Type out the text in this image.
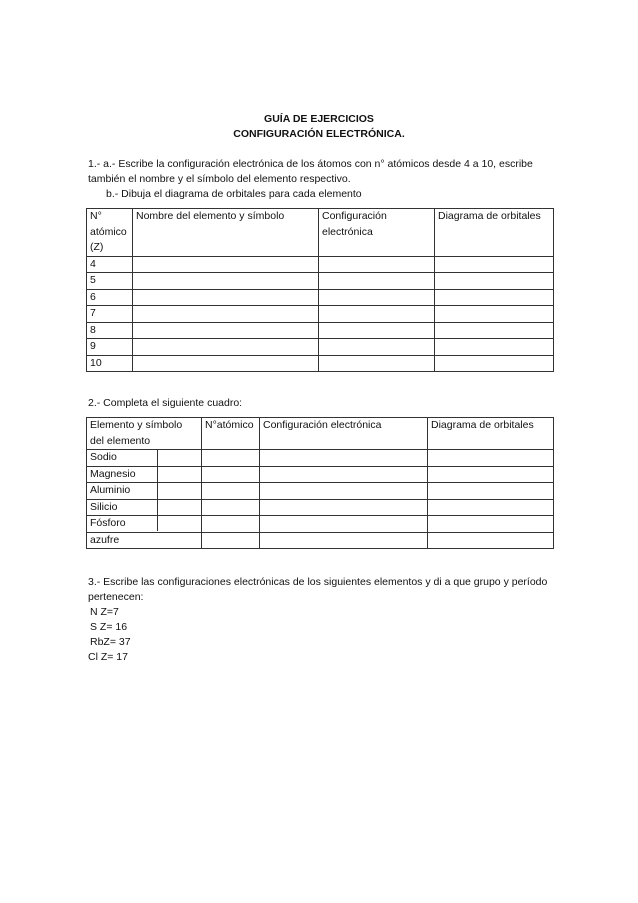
GUÍA DE EJERCICIOS
CONFIGURACIÓN ELECTRÓNICA.
1.- a.- Escribe la configuración electrónica de los átomos con n° atómicos desde 4 a 10, escribe
también el nombre y el símbolo del elemento respectivo.
b.- Dibuja el diagrama de orbitales para cada elemento
N° atómico (Z)	Nombre del elemento y símbolo	Configuración electrónica	Diagrama de orbitales
4			
5			
6			
7			
8			
9			
10			
2.- Completa el siguiente cuadro:
Elemento y símbolo del elemento	N°atómico	Configuración electrónica	Diagrama de orbitales
Sodio			
Magnesio			
Aluminio			
Silicio			
Fósforo			
azufre			
3.- Escribe las configuraciones electrónicas de los siguientes elementos y di a que grupo y período
pertenecen:
N Z=7
S Z= 16
RbZ= 37
Cl Z= 17
